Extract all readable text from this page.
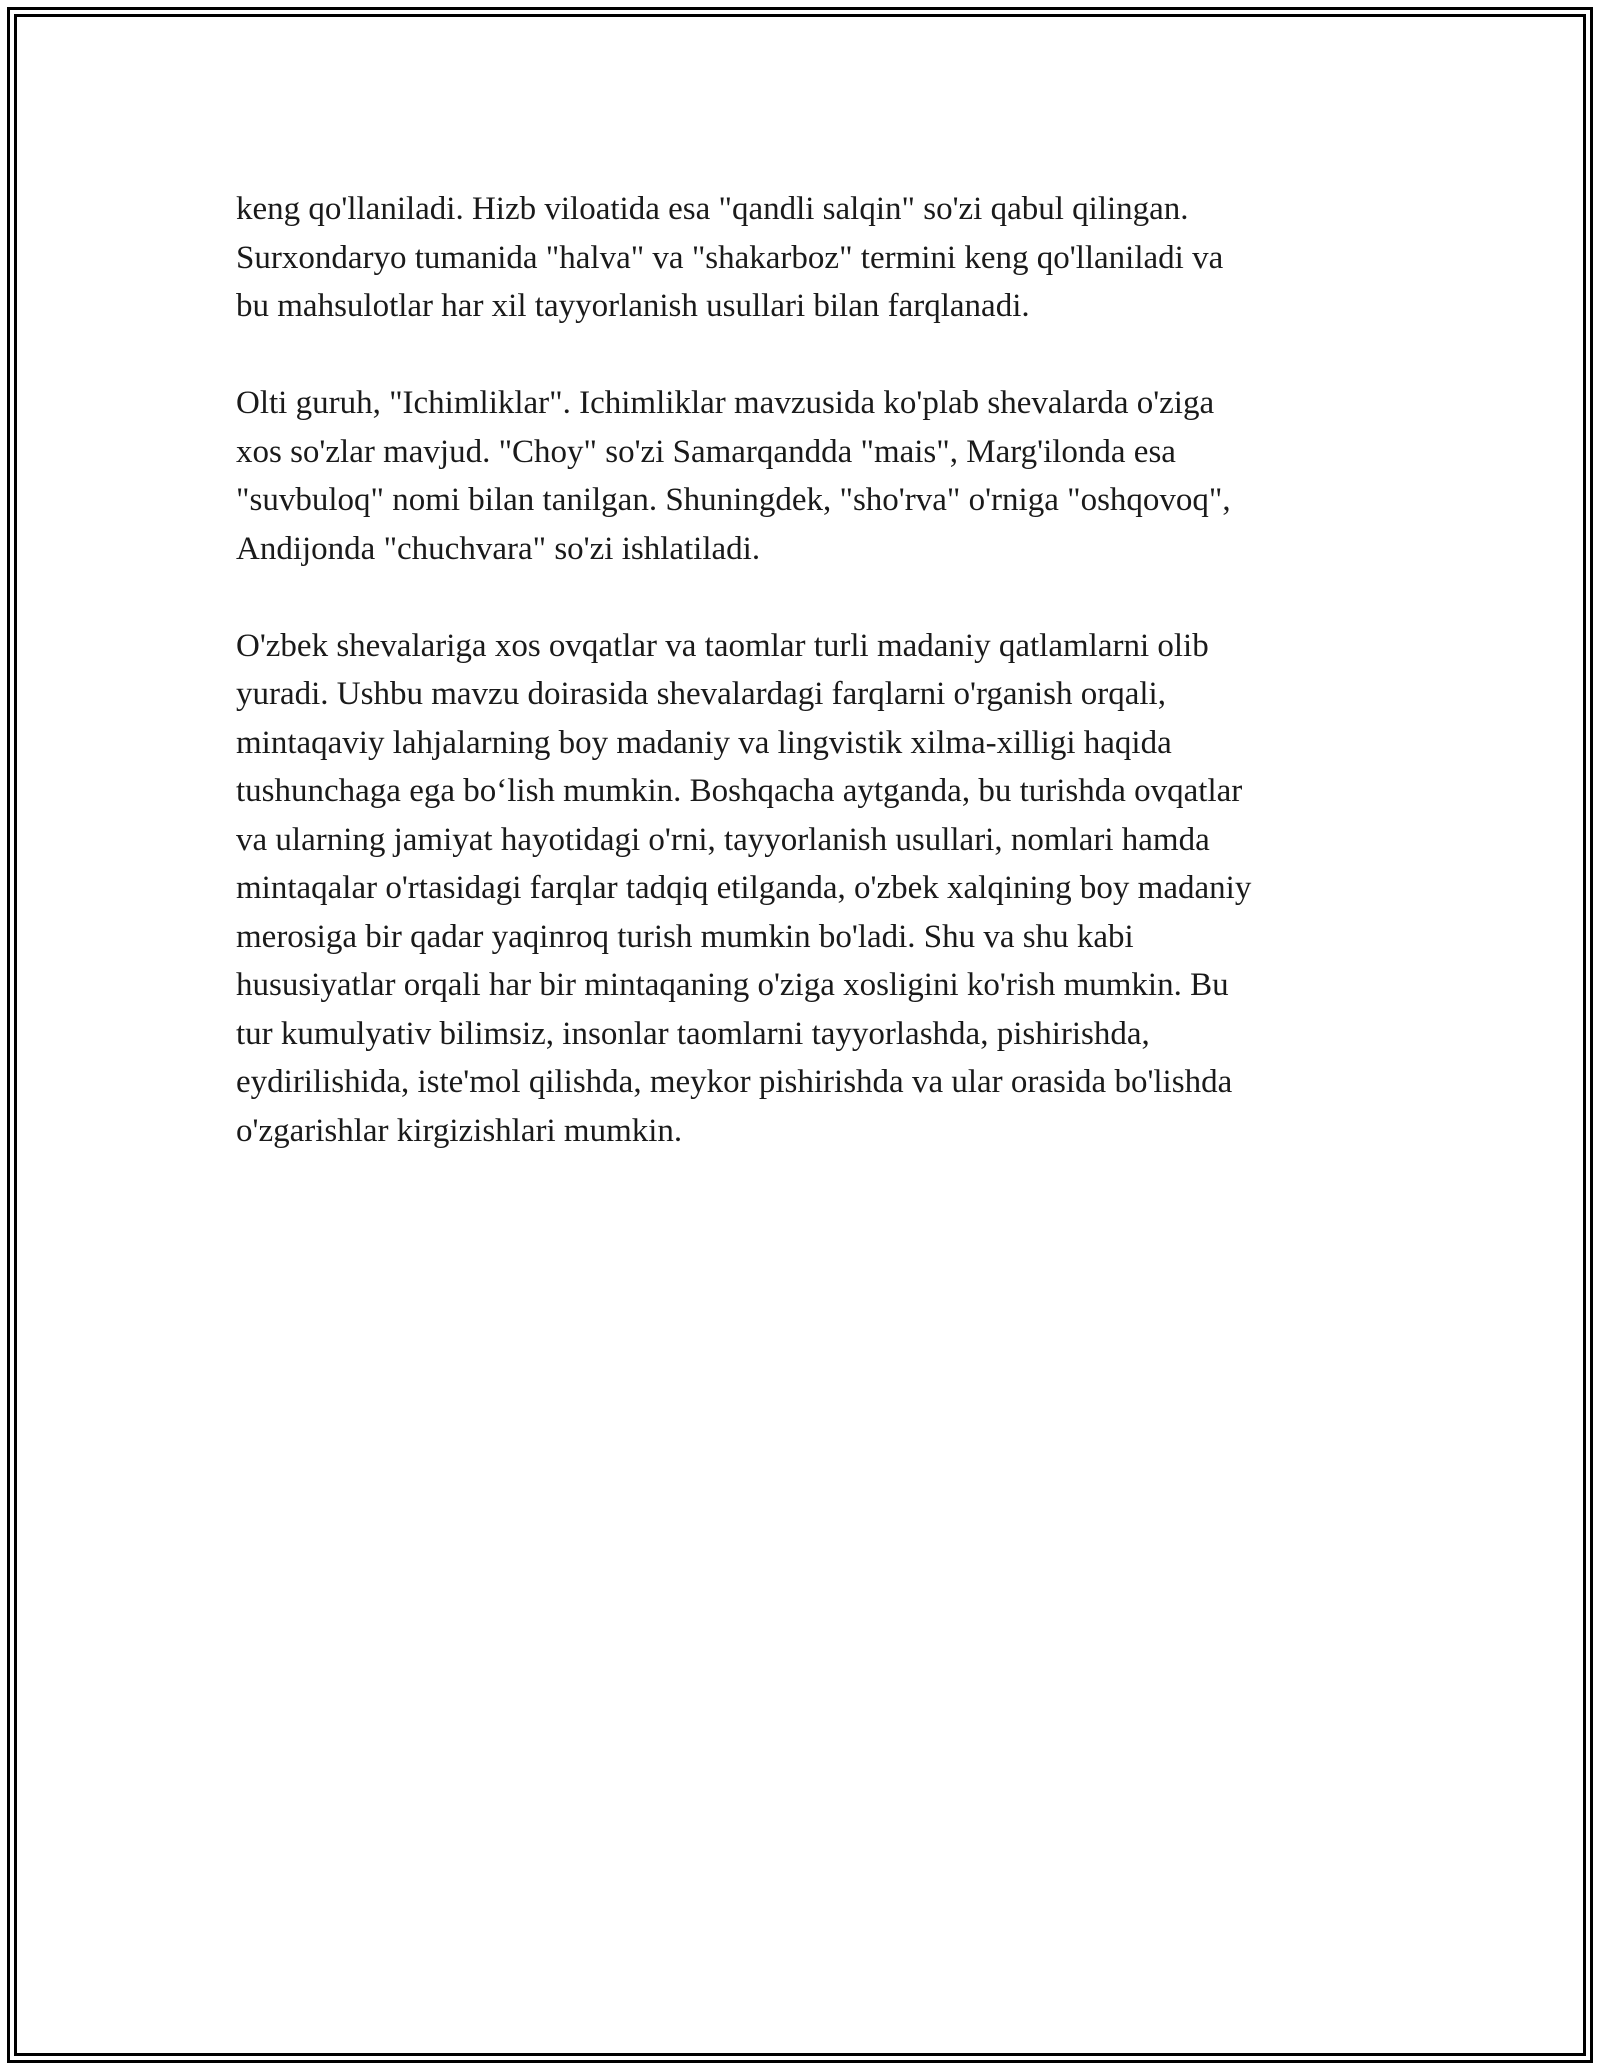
keng qo'llaniladi. Hizb viloatida esa "qandli salqin" so'zi qabul qilingan.
Surxondaryo tumanida "halva" va "shakarboz" termini keng qo'llaniladi va
bu mahsulotlar har xil tayyorlanish usullari bilan farqlanadi.

Olti guruh, "Ichimliklar". Ichimliklar mavzusida ko'plab shevalarda o'ziga
xos so'zlar mavjud. "Choy" so'zi Samarqandda "mais", Marg'ilonda esa
"suvbuloq" nomi bilan tanilgan. Shuningdek, "sho'rva" o'rniga "oshqovoq",
Andijonda "chuchvara" so'zi ishlatiladi.

O'zbek shevalariga xos ovqatlar va taomlar turli madaniy qatlamlarni olib
yuradi. Ushbu mavzu doirasida shevalardagi farqlarni o'rganish orqali,
mintaqaviy lahjalarning boy madaniy va lingvistik xilma-xilligi haqida
tushunchaga ega bo‘lish mumkin. Boshqacha aytganda, bu turishda ovqatlar
va ularning jamiyat hayotidagi o'rni, tayyorlanish usullari, nomlari hamda
mintaqalar o'rtasidagi farqlar tadqiq etilganda, o'zbek xalqining boy madaniy
merosiga bir qadar yaqinroq turish mumkin bo'ladi. Shu va shu kabi
hususiyatlar orqali har bir mintaqaning o'ziga xosligini ko'rish mumkin. Bu
tur kumulyativ bilimsiz, insonlar taomlarni tayyorlashda, pishirishda,
eydirilishida, iste'mol qilishda, meykor pishirishda va ular orasida bo'lishda
o'zgarishlar kirgizishlari mumkin.
